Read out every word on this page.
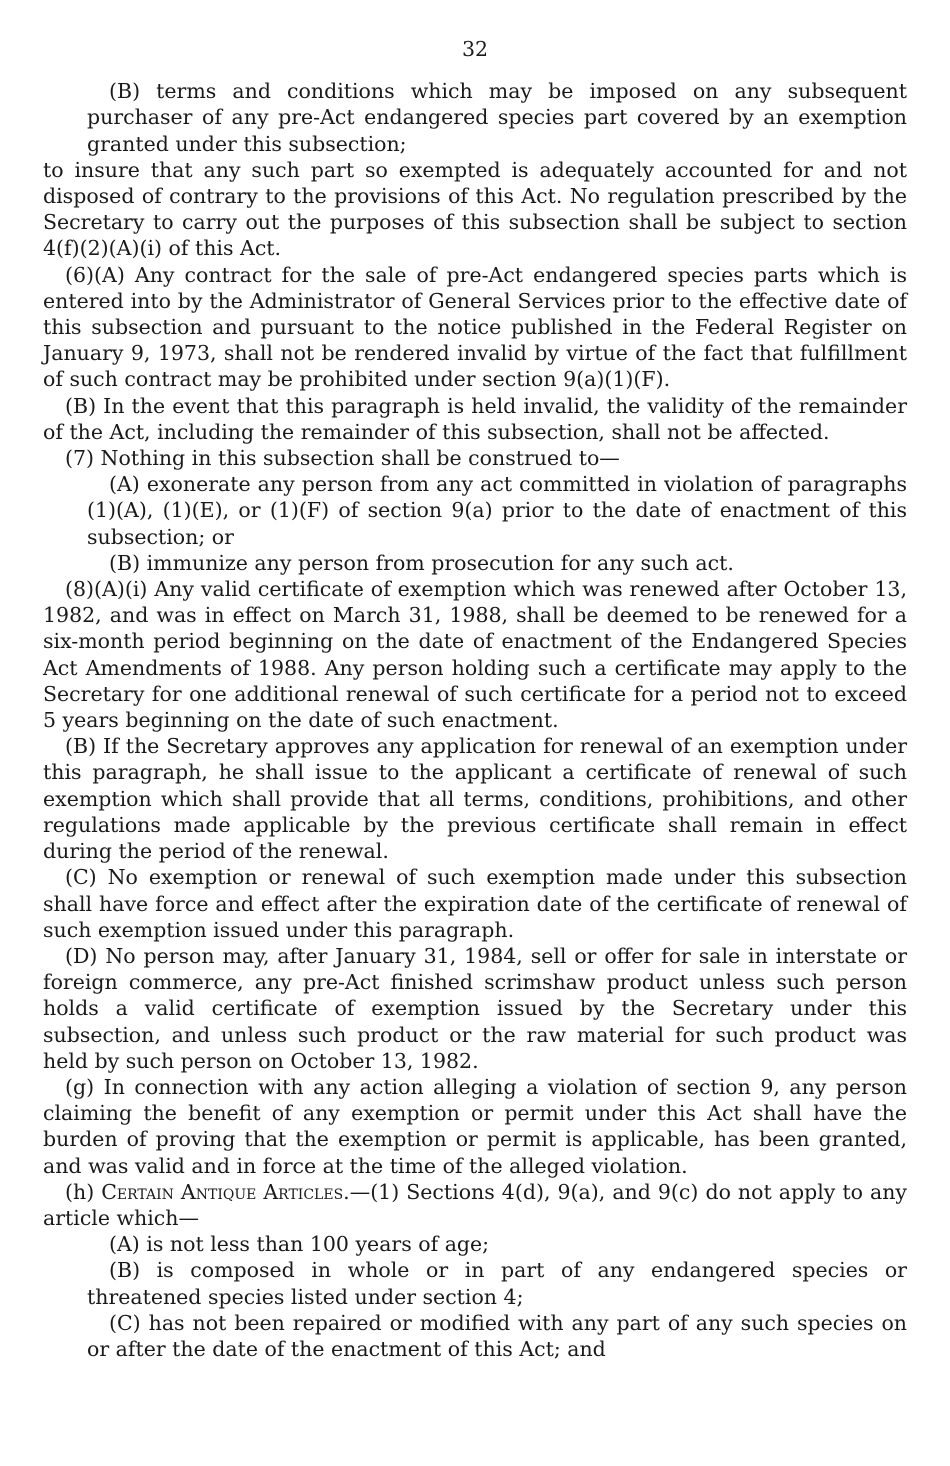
32

(B) terms and conditions which may be imposed on any subsequent purchaser of any pre-Act endangered species part covered by an exemption granted under this subsection;

to insure that any such part so exempted is adequately accounted for and not disposed of contrary to the provisions of this Act. No regulation prescribed by the Secretary to carry out the purposes of this subsection shall be subject to section 4(f)(2)(A)(i) of this Act.

(6)(A) Any contract for the sale of pre-Act endangered species parts which is entered into by the Administrator of General Services prior to the effective date of this subsection and pursuant to the notice published in the Federal Register on January 9, 1973, shall not be rendered invalid by virtue of the fact that fulfillment of such contract may be prohibited under section 9(a)(1)(F).

(B) In the event that this paragraph is held invalid, the validity of the remainder of the Act, including the remainder of this subsection, shall not be affected.

(7) Nothing in this subsection shall be construed to—

(A) exonerate any person from any act committed in violation of paragraphs (1)(A), (1)(E), or (1)(F) of section 9(a) prior to the date of enactment of this subsection; or

(B) immunize any person from prosecution for any such act.

(8)(A)(i) Any valid certificate of exemption which was renewed after October 13, 1982, and was in effect on March 31, 1988, shall be deemed to be renewed for a six-month period beginning on the date of enactment of the Endangered Species Act Amendments of 1988. Any person holding such a certificate may apply to the Secretary for one additional renewal of such certificate for a period not to exceed 5 years beginning on the date of such enactment.

(B) If the Secretary approves any application for renewal of an exemption under this paragraph, he shall issue to the applicant a certificate of renewal of such exemption which shall provide that all terms, conditions, prohibitions, and other regulations made applicable by the previous certificate shall remain in effect during the period of the renewal.

(C) No exemption or renewal of such exemption made under this subsection shall have force and effect after the expiration date of the certificate of renewal of such exemption issued under this paragraph.

(D) No person may, after January 31, 1984, sell or offer for sale in interstate or foreign commerce, any pre-Act finished scrimshaw product unless such person holds a valid certificate of exemption issued by the Secretary under this subsection, and unless such product or the raw material for such product was held by such person on October 13, 1982.

(g) In connection with any action alleging a violation of section 9, any person claiming the benefit of any exemption or permit under this Act shall have the burden of proving that the exemption or permit is applicable, has been granted, and was valid and in force at the time of the alleged violation.

(h) Certain Antique Articles.—(1) Sections 4(d), 9(a), and 9(c) do not apply to any article which—

(A) is not less than 100 years of age;

(B) is composed in whole or in part of any endangered species or threatened species listed under section 4;

(C) has not been repaired or modified with any part of any such species on or after the date of the enactment of this Act; and
